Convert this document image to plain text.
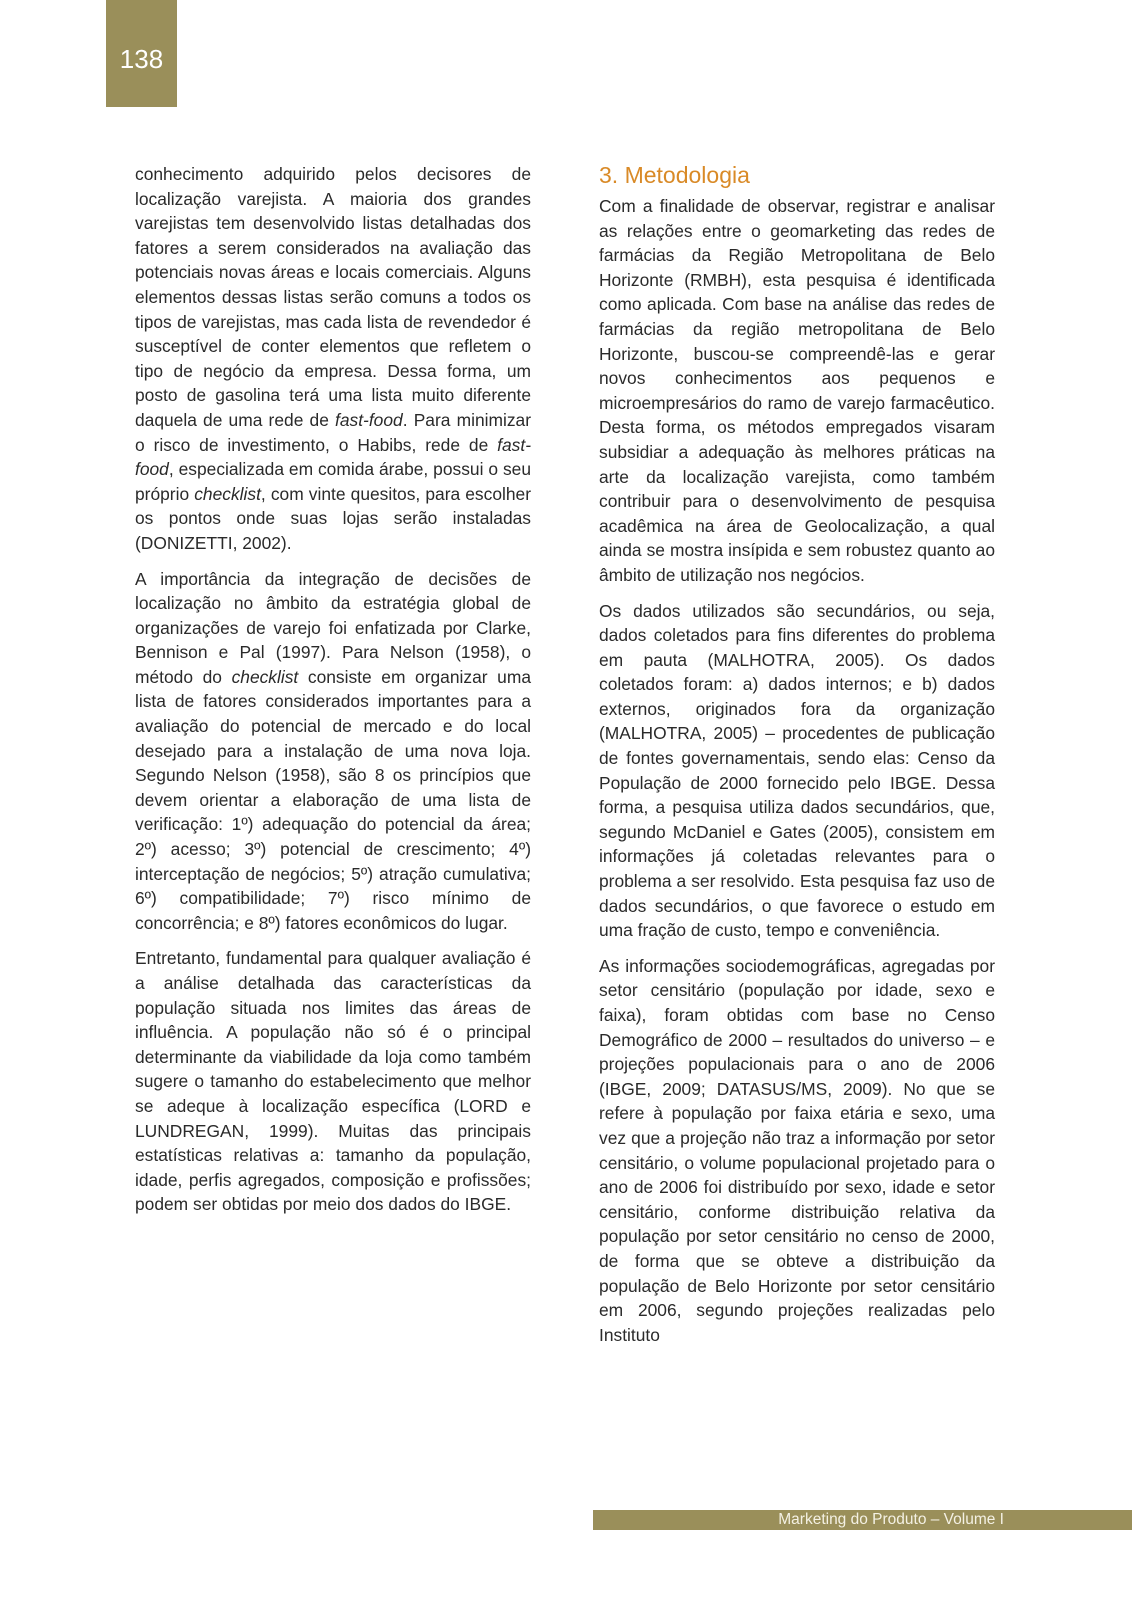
138

conhecimento adquirido pelos decisores de localização varejista. A maioria dos grandes varejistas tem desenvolvido listas detalhadas dos fatores a serem considerados na avaliação das potenciais novas áreas e locais comerciais. Alguns elementos dessas listas serão comuns a todos os tipos de varejistas, mas cada lista de revendedor é susceptível de conter elementos que refletem o tipo de negócio da empresa. Dessa forma, um posto de gasolina terá uma lista muito diferente daquela de uma rede de fast-food. Para minimizar o risco de investimento, o Habibs, rede de fast-food, especializada em comida árabe, possui o seu próprio checklist, com vinte quesitos, para escolher os pontos onde suas lojas serão instaladas (DONIZETTI, 2002).

A importância da integração de decisões de localização no âmbito da estratégia global de organizações de varejo foi enfatizada por Clarke, Bennison e Pal (1997). Para Nelson (1958), o método do checklist consiste em organizar uma lista de fatores considerados importantes para a avaliação do potencial de mercado e do local desejado para a instalação de uma nova loja. Segundo Nelson (1958), são 8 os princípios que devem orientar a elaboração de uma lista de verificação: 1º) adequação do potencial da área; 2º) acesso; 3º) potencial de crescimento; 4º) interceptação de negócios; 5º) atração cumulativa; 6º) compatibilidade; 7º) risco mínimo de concorrência; e 8º) fatores econômicos do lugar.

Entretanto, fundamental para qualquer avaliação é a análise detalhada das características da população situada nos limites das áreas de influência. A população não só é o principal determinante da viabilidade da loja como também sugere o tamanho do estabelecimento que melhor se adeque à localização específica (LORD e LUNDREGAN, 1999). Muitas das principais estatísticas relativas a: tamanho da população, idade, perfis agregados, composição e profissões; podem ser obtidas por meio dos dados do IBGE.

3. Metodologia

Com a finalidade de observar, registrar e analisar as relações entre o geomarketing das redes de farmácias da Região Metropolitana de Belo Horizonte (RMBH), esta pesquisa é identificada como aplicada. Com base na análise das redes de farmácias da região metropolitana de Belo Horizonte, buscou-se compreendê-las e gerar novos conhecimentos aos pequenos e microempresários do ramo de varejo farmacêutico. Desta forma, os métodos empregados visaram subsidiar a adequação às melhores práticas na arte da localização varejista, como também contribuir para o desenvolvimento de pesquisa acadêmica na área de Geolocalização, a qual ainda se mostra insípida e sem robustez quanto ao âmbito de utilização nos negócios.

Os dados utilizados são secundários, ou seja, dados coletados para fins diferentes do problema em pauta (MALHOTRA, 2005). Os dados coletados foram: a) dados internos; e b) dados externos, originados fora da organização (MALHOTRA, 2005) – procedentes de publicação de fontes governamentais, sendo elas: Censo da População de 2000 fornecido pelo IBGE. Dessa forma, a pesquisa utiliza dados secundários, que, segundo McDaniel e Gates (2005), consistem em informações já coletadas relevantes para o problema a ser resolvido. Esta pesquisa faz uso de dados secundários, o que favorece o estudo em uma fração de custo, tempo e conveniência.

As informações sociodemográficas, agregadas por setor censitário (população por idade, sexo e faixa), foram obtidas com base no Censo Demográfico de 2000 – resultados do universo – e projeções populacionais para o ano de 2006 (IBGE, 2009; DATASUS/MS, 2009). No que se refere à população por faixa etária e sexo, uma vez que a projeção não traz a informação por setor censitário, o volume populacional projetado para o ano de 2006 foi distribuído por sexo, idade e setor censitário, conforme distribuição relativa da população por setor censitário no censo de 2000, de forma que se obteve a distribuição da população de Belo Horizonte por setor censitário em 2006, segundo projeções realizadas pelo Instituto

Marketing do Produto – Volume I
